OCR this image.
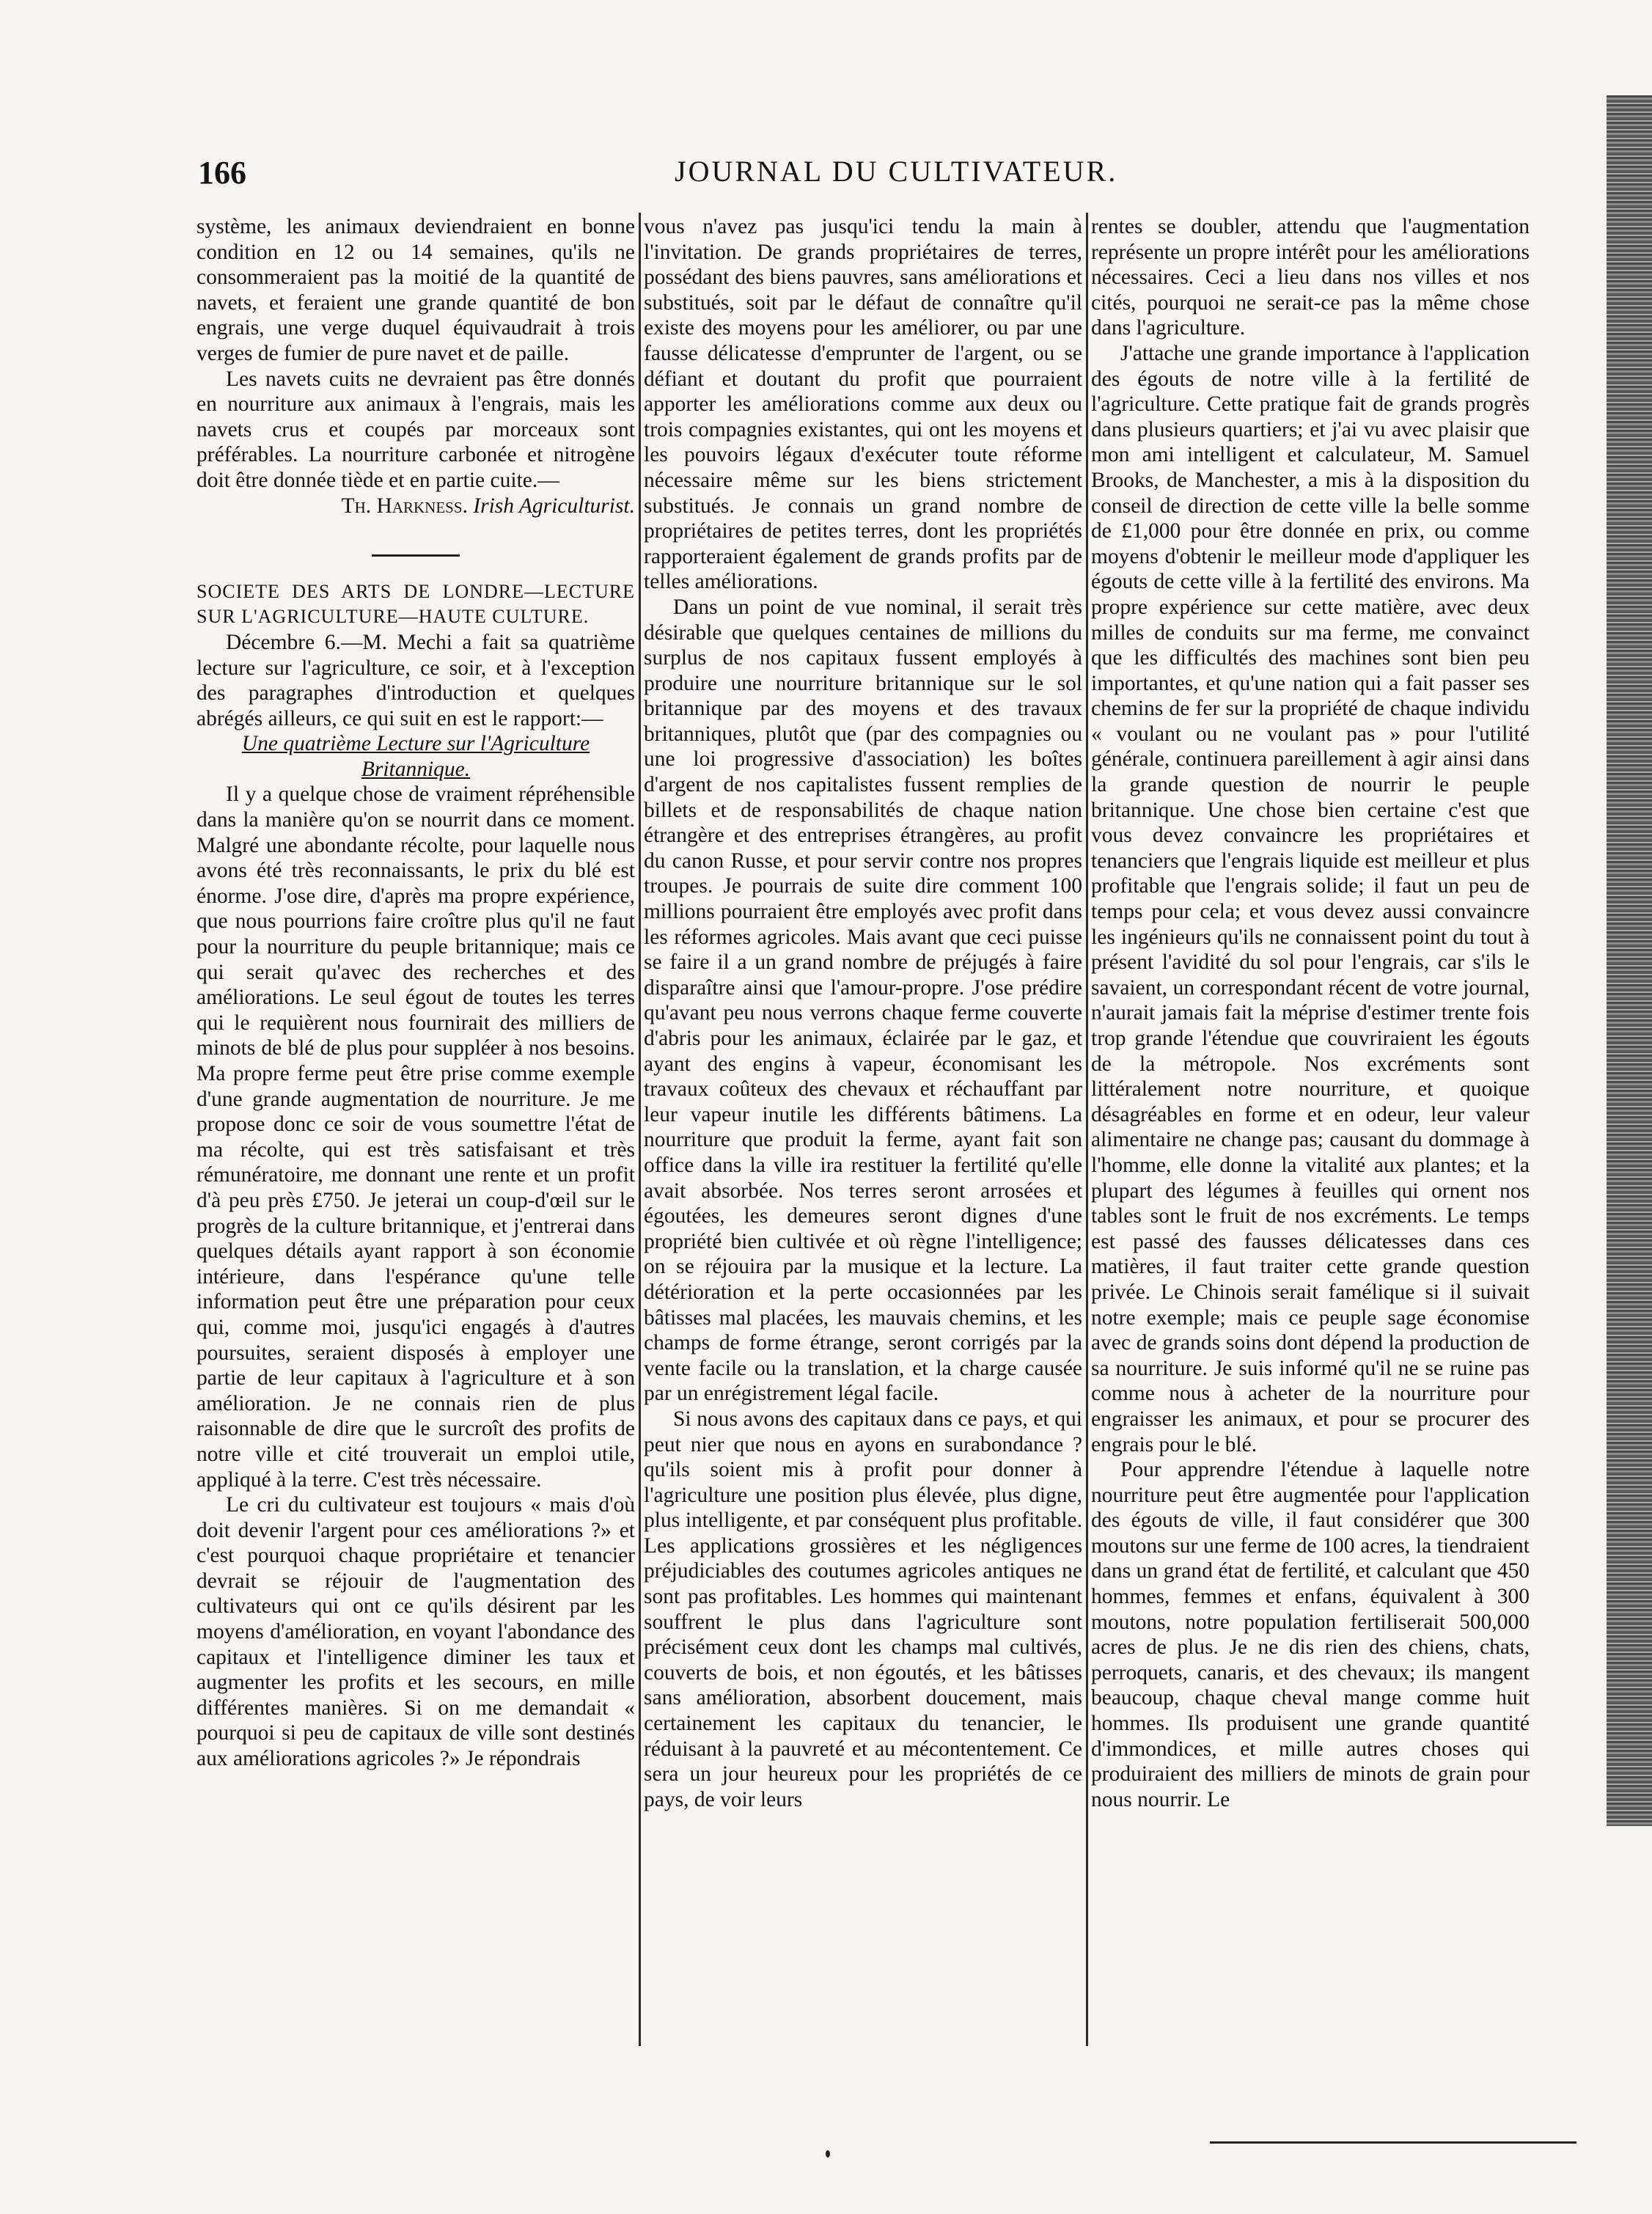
166	JOURNAL DU CULTIVATEUR.

système, les animaux deviendraient en bonne condition en 12 ou 14 semaines, qu'ils ne consommeraient pas la moitié de la quantité de navets, et feraient une grande quantité de bon engrais, une verge duquel équivaudrait à trois verges de fumier de pure navet et de paille.

Les navets cuits ne devraient pas être donnés en nourriture aux animaux à l'engrais, mais les navets crus et coupés par morceaux sont préférables. La nourriture carbonée et nitrogène doit être donnée tiède et en partie cuite.—

Th. Harkness. Irish Agriculturist.

SOCIETE DES ARTS DE LONDRE—LECTURE SUR L'AGRICULTURE—HAUTE CULTURE.

Décembre 6.—M. Mechi a fait sa quatrième lecture sur l'agriculture, ce soir, et à l'exception des paragraphes d'introduction et quelques abrégés ailleurs, ce qui suit en est le rapport:—

Une quatrième Lecture sur l'Agriculture Britannique.

Il y a quelque chose de vraiment répréhensible dans la manière qu'on se nourrit dans ce moment. Malgré une abondante récolte, pour laquelle nous avons été très reconnaissants, le prix du blé est énorme. J'ose dire, d'après ma propre expérience, que nous pourrions faire croître plus qu'il ne faut pour la nourriture du peuple britannique; mais ce qui serait qu'avec des recherches et des améliorations. Le seul égout de toutes les terres qui le requièrent nous fournirait des milliers de minots de blé de plus pour suppléer à nos besoins. Ma propre ferme peut être prise comme exemple d'une grande augmentation de nourriture. Je me propose donc ce soir de vous soumettre l'état de ma récolte, qui est très satisfaisant et très rémunératoire, me donnant une rente et un profit d'à peu près £750. Je jeterai un coup-d'œil sur le progrès de la culture britannique, et j'entrerai dans quelques détails ayant rapport à son économie intérieure, dans l'espérance qu'une telle information peut être une préparation pour ceux qui, comme moi, jusqu'ici engagés à d'autres poursuites, seraient disposés à employer une partie de leur capitaux à l'agriculture et à son amélioration. Je ne connais rien de plus raisonnable de dire que le surcroît des profits de notre ville et cité trouverait un emploi utile, appliqué à la terre. C'est très nécessaire.

Le cri du cultivateur est toujours « mais d'où doit devenir l'argent pour ces améliorations ?» et c'est pourquoi chaque propriétaire et tenancier devrait se réjouir de l'augmentation des cultivateurs qui ont ce qu'ils désirent par les moyens d'amélioration, en voyant l'abondance des capitaux et l'intelligence diminer les taux et augmenter les profits et les secours, en mille différentes manières. Si on me demandait « pourquoi si peu de capitaux de ville sont destinés aux améliorations agricoles ?» Je répondrais

vous n'avez pas jusqu'ici tendu la main à l'invitation. De grands propriétaires de terres, possédant des biens pauvres, sans améliorations et substitués, soit par le défaut de connaître qu'il existe des moyens pour les améliorer, ou par une fausse délicatesse d'emprunter de l'argent, ou se défiant et doutant du profit que pourraient apporter les améliorations comme aux deux ou trois compagnies existantes, qui ont les moyens et les pouvoirs légaux d'exécuter toute réforme nécessaire même sur les biens strictement substitués. Je connais un grand nombre de propriétaires de petites terres, dont les propriétés rapporteraient également de grands profits par de telles améliorations.

Dans un point de vue nominal, il serait très désirable que quelques centaines de millions du surplus de nos capitaux fussent employés à produire une nourriture britannique sur le sol britannique par des moyens et des travaux britanniques, plutôt que (par des compagnies ou une loi progressive d'association) les boîtes d'argent de nos capitalistes fussent remplies de billets et de responsabilités de chaque nation étrangère et des entreprises étrangères, au profit du canon Russe, et pour servir contre nos propres troupes. Je pourrais de suite dire comment 100 millions pourraient être employés avec profit dans les réformes agricoles. Mais avant que ceci puisse se faire il a un grand nombre de préjugés à faire disparaître ainsi que l'amour-propre. J'ose prédire qu'avant peu nous verrons chaque ferme couverte d'abris pour les animaux, éclairée par le gaz, et ayant des engins à vapeur, économisant les travaux coûteux des chevaux et réchauffant par leur vapeur inutile les différents bâtimens. La nourriture que produit la ferme, ayant fait son office dans la ville ira restituer la fertilité qu'elle avait absorbée. Nos terres seront arrosées et égoutées, les demeures seront dignes d'une propriété bien cultivée et où règne l'intelligence; on se réjouira par la musique et la lecture. La détérioration et la perte occasionnées par les bâtisses mal placées, les mauvais chemins, et les champs de forme étrange, seront corrigés par la vente facile ou la translation, et la charge causée par un enrégistrement légal facile.

Si nous avons des capitaux dans ce pays, et qui peut nier que nous en ayons en surabondance ? qu'ils soient mis à profit pour donner à l'agriculture une position plus élevée, plus digne, plus intelligente, et par conséquent plus profitable. Les applications grossières et les négligences préjudiciables des coutumes agricoles antiques ne sont pas profitables. Les hommes qui maintenant souffrent le plus dans l'agriculture sont précisément ceux dont les champs mal cultivés, couverts de bois, et non égoutés, et les bâtisses sans amélioration, absorbent doucement, mais certainement les capitaux du tenancier, le réduisant à la pauvreté et au mécontentement. Ce sera un jour heureux pour les propriétés de ce pays, de voir leurs

rentes se doubler, attendu que l'augmentation représente un propre intérêt pour les améliorations nécessaires. Ceci a lieu dans nos villes et nos cités, pourquoi ne serait-ce pas la même chose dans l'agriculture.

J'attache une grande importance à l'application des égouts de notre ville à la fertilité de l'agriculture. Cette pratique fait de grands progrès dans plusieurs quartiers; et j'ai vu avec plaisir que mon ami intelligent et calculateur, M. Samuel Brooks, de Manchester, a mis à la disposition du conseil de direction de cette ville la belle somme de £1,000 pour être donnée en prix, ou comme moyens d'obtenir le meilleur mode d'appliquer les égouts de cette ville à la fertilité des environs. Ma propre expérience sur cette matière, avec deux milles de conduits sur ma ferme, me convainct que les difficultés des machines sont bien peu importantes, et qu'une nation qui a fait passer ses chemins de fer sur la propriété de chaque individu « voulant ou ne voulant pas » pour l'utilité générale, continuera pareillement à agir ainsi dans la grande question de nourrir le peuple britannique. Une chose bien certaine c'est que vous devez convaincre les propriétaires et tenanciers que l'engrais liquide est meilleur et plus profitable que l'engrais solide; il faut un peu de temps pour cela; et vous devez aussi convaincre les ingénieurs qu'ils ne connaissent point du tout à présent l'avidité du sol pour l'engrais, car s'ils le savaient, un correspondant récent de votre journal, n'aurait jamais fait la méprise d'estimer trente fois trop grande l'étendue que couvriraient les égouts de la métropole. Nos excréments sont littéralement notre nourriture, et quoique désagréables en forme et en odeur, leur valeur alimentaire ne change pas; causant du dommage à l'homme, elle donne la vitalité aux plantes; et la plupart des légumes à feuilles qui ornent nos tables sont le fruit de nos excréments. Le temps est passé des fausses délicatesses dans ces matières, il faut traiter cette grande question privée. Le Chinois serait famélique si il suivait notre exemple; mais ce peuple sage économise avec de grands soins dont dépend la production de sa nourriture. Je suis informé qu'il ne se ruine pas comme nous à acheter de la nourriture pour engraisser les animaux, et pour se procurer des engrais pour le blé.

Pour apprendre l'étendue à laquelle notre nourriture peut être augmentée pour l'application des égouts de ville, il faut considérer que 300 moutons sur une ferme de 100 acres, la tiendraient dans un grand état de fertilité, et calculant que 450 hommes, femmes et enfans, équivalent à 300 moutons, notre population fertiliserait 500,000 acres de plus. Je ne dis rien des chiens, chats, perroquets, canaris, et des chevaux; ils mangent beaucoup, chaque cheval mange comme huit hommes. Ils produisent une grande quantité d'immondices, et mille autres choses qui produiraient des milliers de minots de grain pour nous nourrir. Le
